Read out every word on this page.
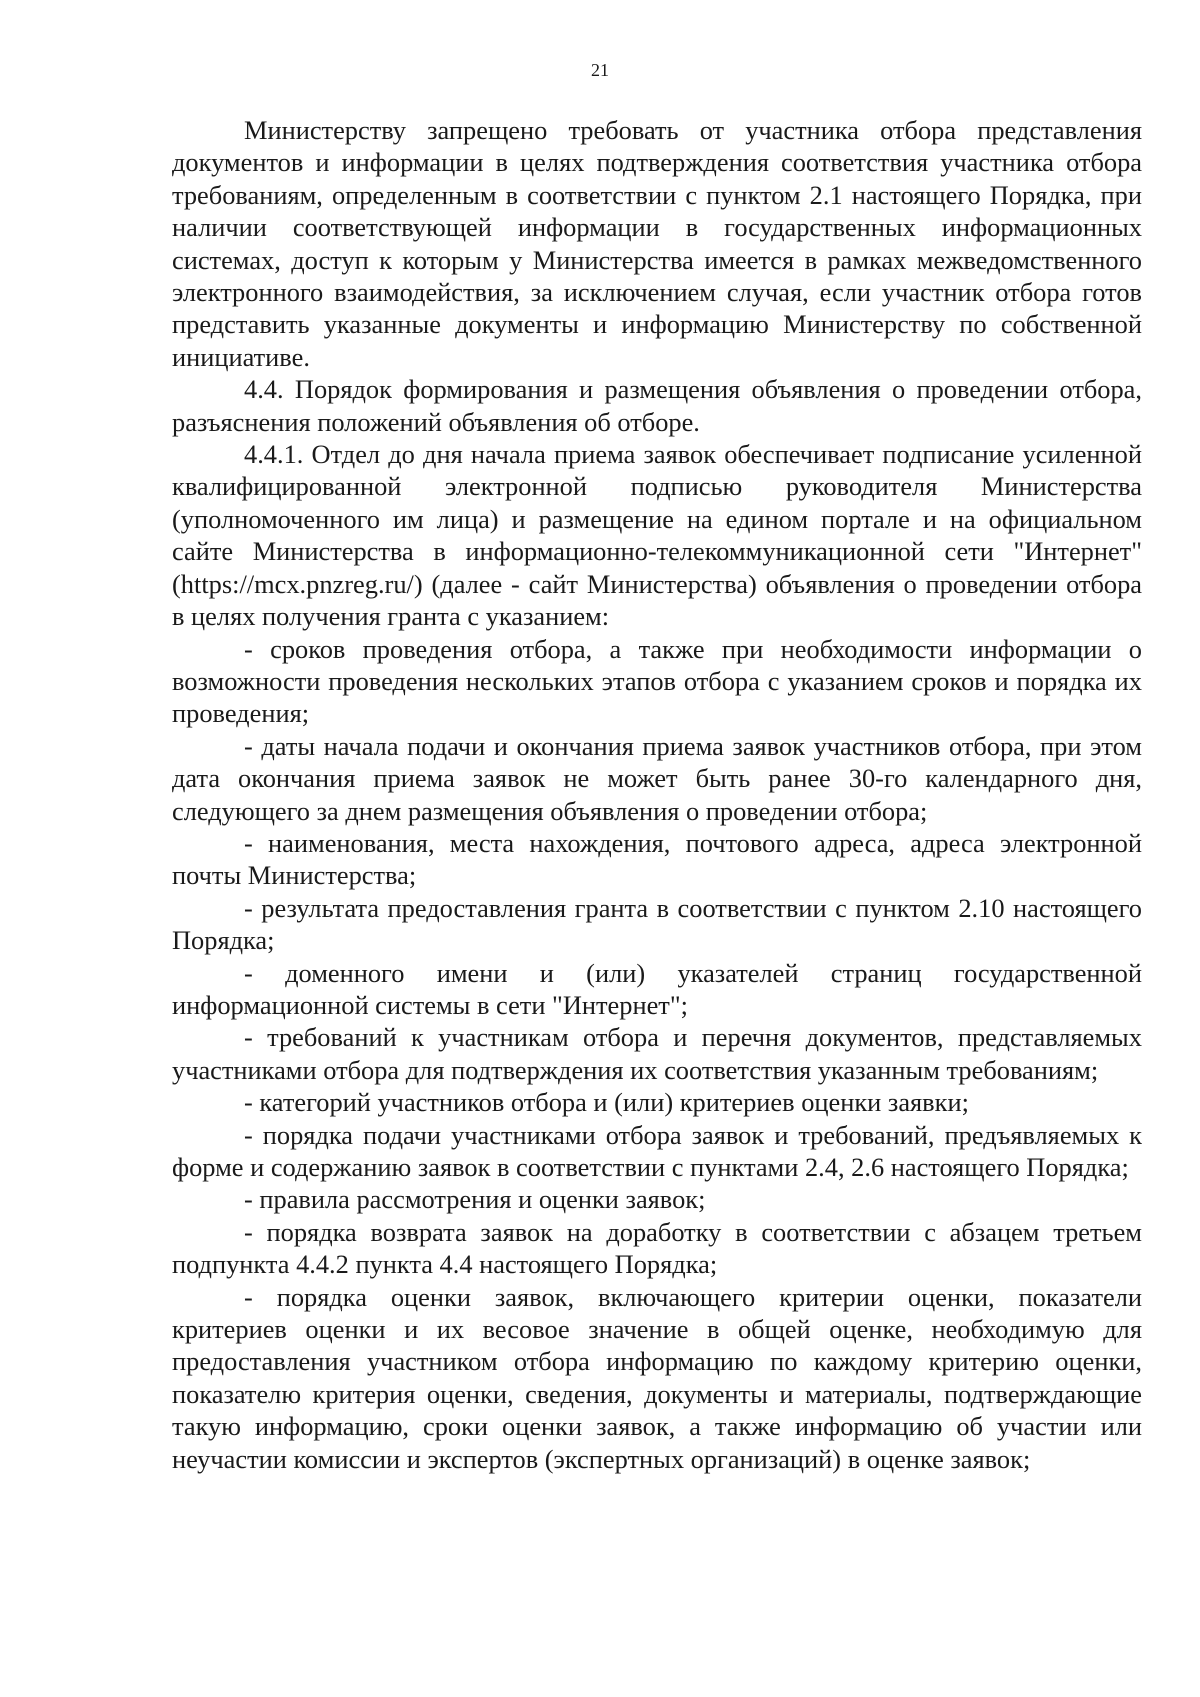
21

Министерству запрещено требовать от участника отбора представления документов и информации в целях подтверждения соответствия участника отбора требованиям, определенным в соответствии с пунктом 2.1 настоящего Порядка, при наличии соответствующей информации в государственных информационных системах, доступ к которым у Министерства имеется в рамках межведомственного электронного взаимодействия, за исключением случая, если участник отбора готов представить указанные документы и информацию Министерству по собственной инициативе.

4.4. Порядок формирования и размещения объявления о проведении отбора, разъяснения положений объявления об отборе.

4.4.1. Отдел до дня начала приема заявок обеспечивает подписание усиленной квалифицированной электронной подписью руководителя Министерства (уполномоченного им лица) и размещение на едином портале и на официальном сайте Министерства в информационно-телекоммуникационной сети "Интернет" (https://mcx.pnzreg.ru/) (далее - сайт Министерства) объявления о проведении отбора в целях получения гранта с указанием:

- сроков проведения отбора, а также при необходимости информации о возможности проведения нескольких этапов отбора с указанием сроков и порядка их проведения;

- даты начала подачи и окончания приема заявок участников отбора, при этом дата окончания приема заявок не может быть ранее 30-го календарного дня, следующего за днем размещения объявления о проведении отбора;

- наименования, места нахождения, почтового адреса, адреса электронной почты Министерства;

- результата предоставления гранта в соответствии с пунктом 2.10 настоящего Порядка;

- доменного имени и (или) указателей страниц государственной информационной системы в сети "Интернет";

- требований к участникам отбора и перечня документов, представляемых участниками отбора для подтверждения их соответствия указанным требованиям;

- категорий участников отбора и (или) критериев оценки заявки;

- порядка подачи участниками отбора заявок и требований, предъявляемых к форме и содержанию заявок в соответствии с пунктами 2.4, 2.6 настоящего Порядка;

- правила рассмотрения и оценки заявок;

- порядка возврата заявок на доработку в соответствии с абзацем третьем подпункта 4.4.2 пункта 4.4 настоящего Порядка;

- порядка оценки заявок, включающего критерии оценки, показатели критериев оценки и их весовое значение в общей оценке, необходимую для предоставления участником отбора информацию по каждому критерию оценки, показателю критерия оценки, сведения, документы и материалы, подтверждающие такую информацию, сроки оценки заявок, а также информацию об участии или неучастии комиссии и экспертов (экспертных организаций) в оценке заявок;
